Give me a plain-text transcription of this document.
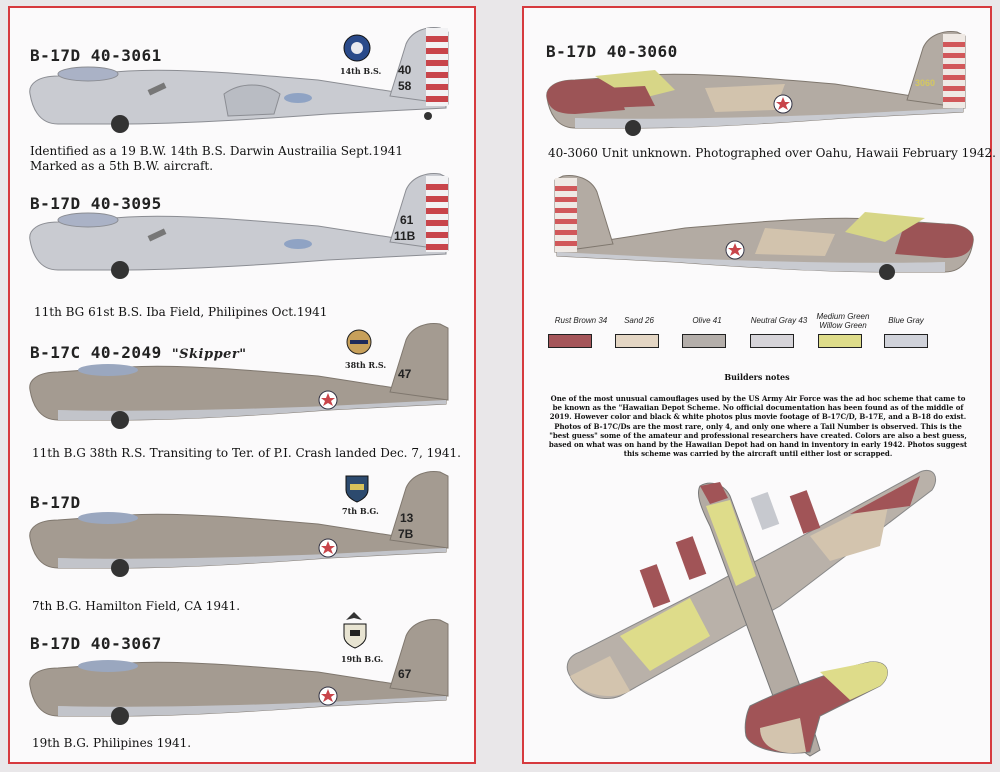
B-17D 40-3061
40
58
14th B.S.
Identified as a 19 B.W. 14th B.S. Darwin Austrailia Sept.1941
Marked as a 5th B.W. aircraft.
B-17D 40-3095
61
11B
11th BG 61st B.S. Iba Field, Philipines Oct.1941
B-17C 40-2049 "Skipper"
47
38th R.S.
11th B.G 38th R.S. Transiting to Ter. of P.I. Crash landed Dec. 7, 1941.
B-17D
13
7B
7th B.G.
7th B.G. Hamilton Field, CA 1941.
B-17D 40-3067
67
19th B.G.
19th B.G. Philipines 1941.
B-17D 40-3060
3060
40-3060 Unit unknown. Photographed over Oahu, Hawaii February 1942.
Rust Brown 34	Sand 26	Olive 41	Neutral Gray 43	Medium Green
Willow Green
Blue Gray
Builders notes
One of the most unusual camouflages used by the US Army Air Force was the ad hoc scheme that came to be known as the "Hawaiian Depot Scheme. No official documentation has been found as of the middle of 2019. However color and black & white photos plus movie footage of B-17C/D, B-17E, and a B-18 do exist. Photos of B-17C/Ds are the most rare, only 4, and only one where a Tail Number is observed. This is the "best guess" some of the amateur and professional researchers have created. Colors are also a best guess, based on what was on hand by the Hawaiian Depot had on hand in inventory in early 1942. Photos suggest this scheme was carried by the aircraft until either lost or scrapped.
